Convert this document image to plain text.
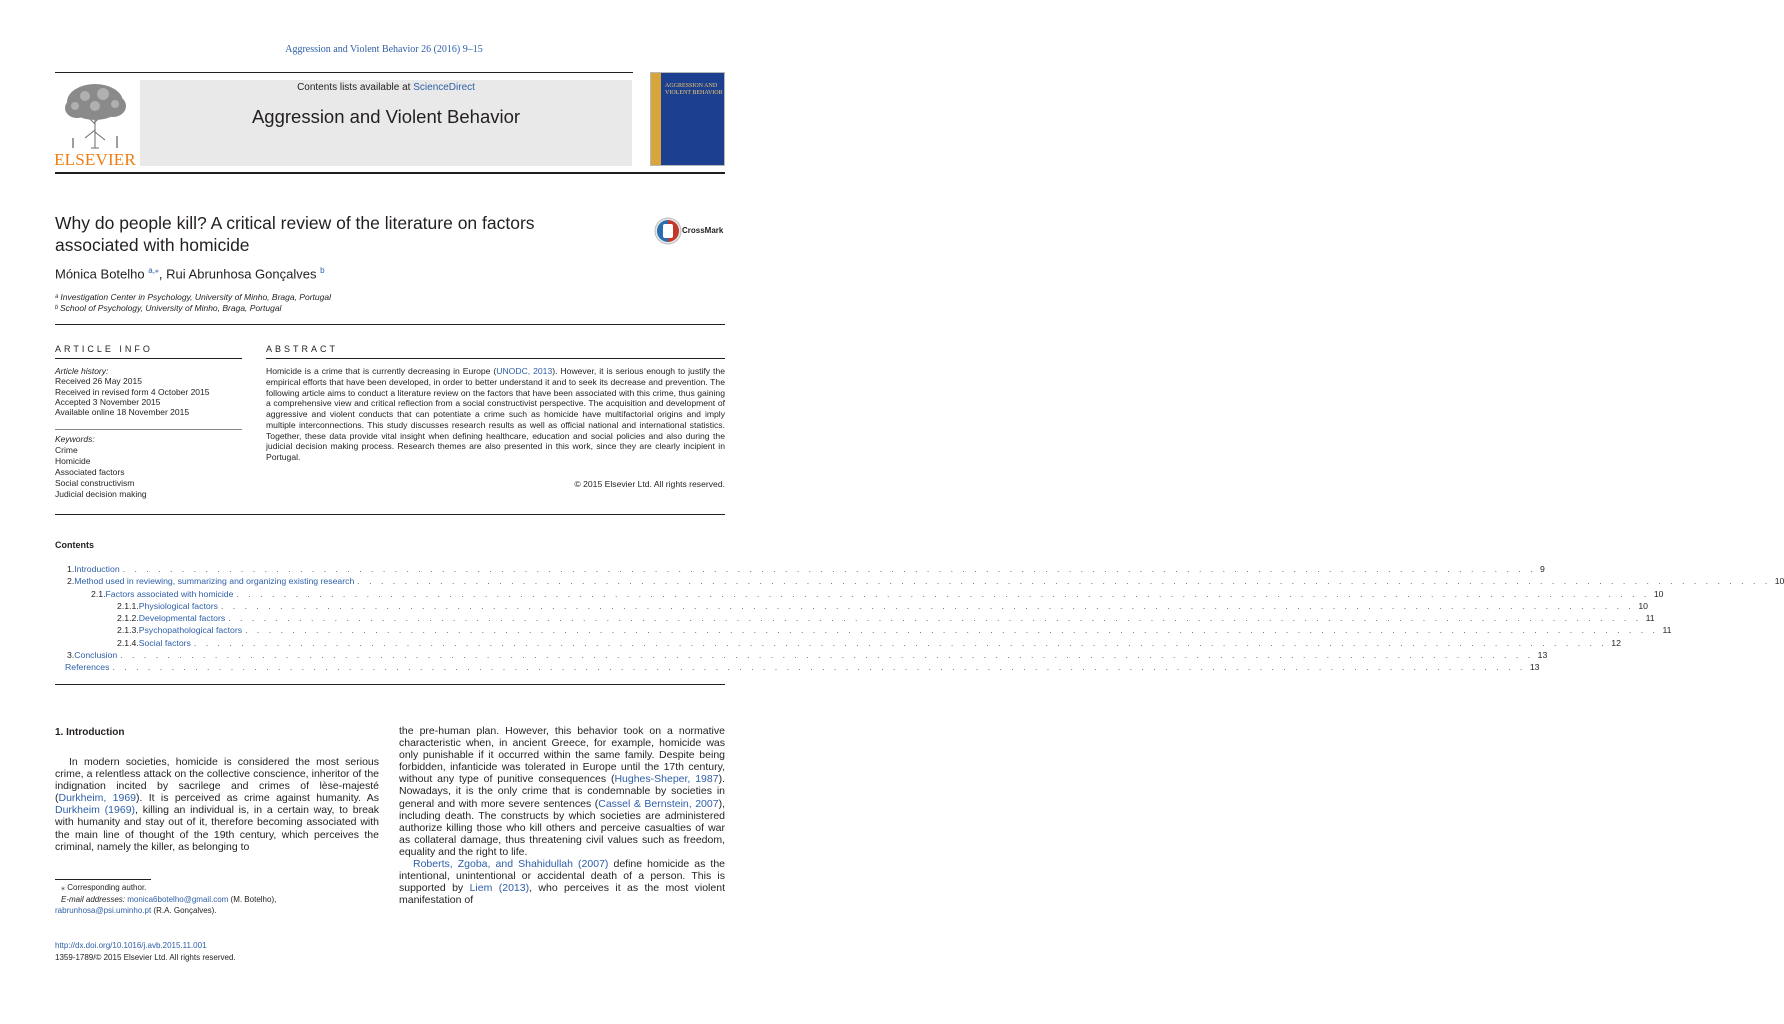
Aggression and Violent Behavior 26 (2016) 9–15
ELSEVIER
Contents lists available at ScienceDirect
Aggression and Violent Behavior
AGGRESSION AND VIOLENT BEHAVIOR
Why do people kill? A critical review of the literature on factors associated with homicide
CrossMark
Mónica Botelho $^{a,⁎}$, Rui Abrunhosa Gonçalves $^b$
ᵃ Investigation Center in Psychology, University of Minho, Braga, Portugal
ᵇ School of Psychology, University of Minho, Braga, Portugal
ARTICLE INFO
Article history:
Received 26 May 2015
Received in revised form 4 October 2015
Accepted 3 November 2015
Available online 18 November 2015
Keywords:
Crime
Homicide
Associated factors
Social constructivism
Judicial decision making
ABSTRACT
Homicide is a crime that is currently decreasing in Europe (UNODC, 2013). However, it is serious enough to justify the empirical efforts that have been developed, in order to better understand it and to seek its decrease and prevention. The following article aims to conduct a literature review on the factors that have been associated with this crime, thus gaining a comprehensive view and critical reflection from a social constructivist perspective. The acquisition and development of aggressive and violent conducts that can potentiate a crime such as homicide have multifactorial origins and imply multiple interconnections. This study discusses research results as well as official national and international statistics. Together, these data provide vital insight when defining healthcare, education and social policies and also during the judicial decision making process. Research themes are also presented in this work, since they are clearly incipient in Portugal.
© 2015 Elsevier Ltd. All rights reserved.
Contents
1. Introduction . . . . . . . . . . . . . . . . . . . . . . . . . . . . . . . . . . . . . . . . . . . . . . . . . . . . . . . . . . . . . . . . . . . . . . . . . . . . . . . . . . . . . . . . . . . . . . . . . . . . . . . . . . . . . . . . . . . . . . . . 9
2. Method used in reviewing, summarizing and organizing existing research . . . . . . . . . . . . . . . . . . . . . . . . . . . . . . . . . . . . . . . . . . . . . . . . . . . . . . . . . . . . . . . . . . . . . . . . . . . . . . . . . . . . . . . . . . . . . . . . . . . . . . . . . . . . . . . . . . . . . . . . 10
2.1. Factors associated with homicide . . . . . . . . . . . . . . . . . . . . . . . . . . . . . . . . . . . . . . . . . . . . . . . . . . . . . . . . . . . . . . . . . . . . . . . . . . . . . . . . . . . . . . . . . . . . . . . . . . . . . . . . . . . . . . . . . . . . . . . . 10
2.1.1. Physiological factors . . . . . . . . . . . . . . . . . . . . . . . . . . . . . . . . . . . . . . . . . . . . . . . . . . . . . . . . . . . . . . . . . . . . . . . . . . . . . . . . . . . . . . . . . . . . . . . . . . . . . . . . . . . . . . . . . . . . . . . . 10
2.1.2. Developmental factors . . . . . . . . . . . . . . . . . . . . . . . . . . . . . . . . . . . . . . . . . . . . . . . . . . . . . . . . . . . . . . . . . . . . . . . . . . . . . . . . . . . . . . . . . . . . . . . . . . . . . . . . . . . . . . . . . . . . . . . . 11
2.1.3. Psychopathological factors . . . . . . . . . . . . . . . . . . . . . . . . . . . . . . . . . . . . . . . . . . . . . . . . . . . . . . . . . . . . . . . . . . . . . . . . . . . . . . . . . . . . . . . . . . . . . . . . . . . . . . . . . . . . . . . . . . . . . . . . 11
2.1.4. Social factors . . . . . . . . . . . . . . . . . . . . . . . . . . . . . . . . . . . . . . . . . . . . . . . . . . . . . . . . . . . . . . . . . . . . . . . . . . . . . . . . . . . . . . . . . . . . . . . . . . . . . . . . . . . . . . . . . . . . . . . . 12
3. Conclusion . . . . . . . . . . . . . . . . . . . . . . . . . . . . . . . . . . . . . . . . . . . . . . . . . . . . . . . . . . . . . . . . . . . . . . . . . . . . . . . . . . . . . . . . . . . . . . . . . . . . . . . . . . . . . . . . . . . . . . . . 13
References . . . . . . . . . . . . . . . . . . . . . . . . . . . . . . . . . . . . . . . . . . . . . . . . . . . . . . . . . . . . . . . . . . . . . . . . . . . . . . . . . . . . . . . . . . . . . . . . . . . . . . . . . . . . . . . . . . . . . . . . 13
1. Introduction
In modern societies, homicide is considered the most serious crime, a relentless attack on the collective conscience, inheritor of the indignation incited by sacrilege and crimes of lèse-majesté (Durkheim, 1969). It is perceived as crime against humanity. As Durkheim (1969), killing an individual is, in a certain way, to break with humanity and stay out of it, therefore becoming associated with the main line of thought of the 19th century, which perceives the criminal, namely the killer, as belonging to

the pre-human plan. However, this behavior took on a normative characteristic when, in ancient Greece, for example, homicide was only punishable if it occurred within the same family. Despite being forbidden, infanticide was tolerated in Europe until the 17th century, without any type of punitive consequences (Hughes-Sheper, 1987). Nowadays, it is the only crime that is condemnable by societies in general and with more severe sentences (Cassel & Bernstein, 2007), including death. The constructs by which societies are administered authorize killing those who kill others and perceive casualties of war as collateral damage, thus threatening civil values such as freedom, equality and the right to life.

Roberts, Zgoba, and Shahidullah (2007) define homicide as the intentional, unintentional or accidental death of a person. This is supported by Liem (2013), who perceives it as the most violent manifestation of

⁎ Corresponding author.
E-mail addresses: monica6botelho@gmail.com (M. Botelho),
rabrunhosa@psi.uminho.pt (R.A. Gonçalves).
http://dx.doi.org/10.1016/j.avb.2015.11.001
1359-1789/© 2015 Elsevier Ltd. All rights reserved.
